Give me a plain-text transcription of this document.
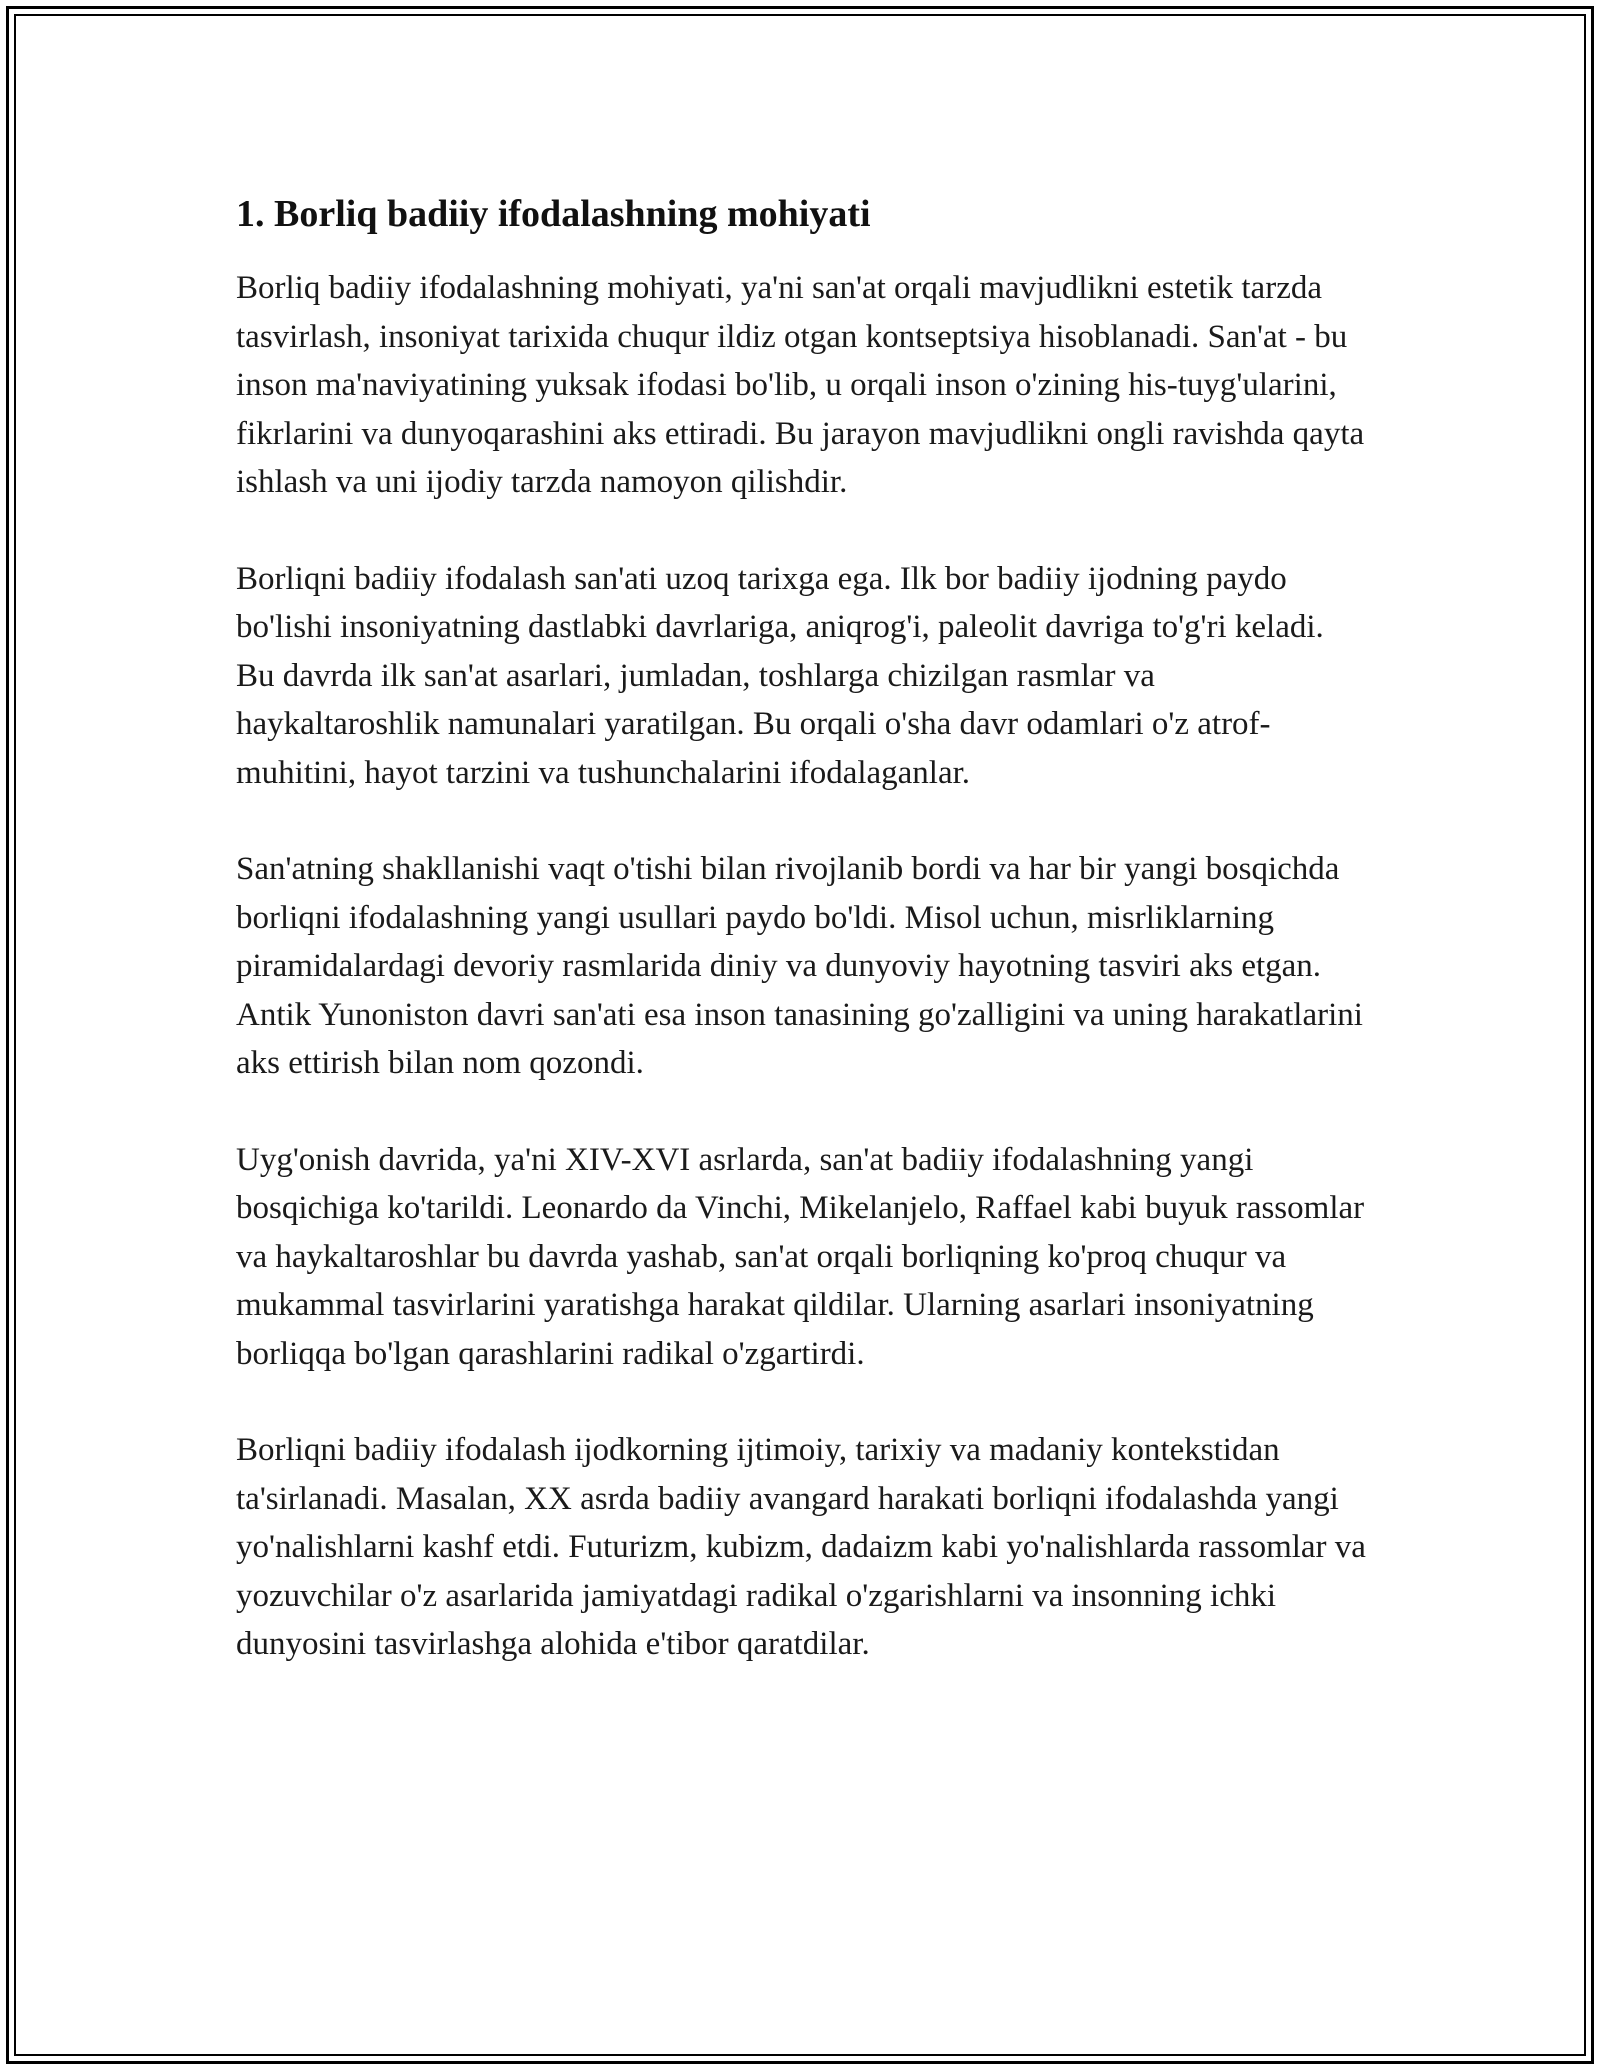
1. Borliq badiiy ifodalashning mohiyati

Borliq badiiy ifodalashning mohiyati, ya'ni san'at orqali mavjudlikni estetik tarzda tasvirlash, insoniyat tarixida chuqur ildiz otgan kontseptsiya hisoblanadi. San'at - bu inson ma'naviyatining yuksak ifodasi bo'lib, u orqali inson o'zining his-tuyg'ularini, fikrlarini va dunyoqarashini aks ettiradi. Bu jarayon mavjudlikni ongli ravishda qayta ishlash va uni ijodiy tarzda namoyon qilishdir.

Borliqni badiiy ifodalash san'ati uzoq tarixga ega. Ilk bor badiiy ijodning paydo bo'lishi insoniyatning dastlabki davrlariga, aniqrog'i, paleolit davriga to'g'ri keladi. Bu davrda ilk san'at asarlari, jumladan, toshlarga chizilgan rasmlar va haykaltaroshlik namunalari yaratilgan. Bu orqali o'sha davr odamlari o'z atrof-muhitini, hayot tarzini va tushunchalarini ifodalaganlar.

San'atning shakllanishi vaqt o'tishi bilan rivojlanib bordi va har bir yangi bosqichda borliqni ifodalashning yangi usullari paydo bo'ldi. Misol uchun, misrliklarning piramidalardagi devoriy rasmlarida diniy va dunyoviy hayotning tasviri aks etgan. Antik Yunoniston davri san'ati esa inson tanasining go'zalligini va uning harakatlarini aks ettirish bilan nom qozondi.

Uyg'onish davrida, ya'ni XIV-XVI asrlarda, san'at badiiy ifodalashning yangi bosqichiga ko'tarildi. Leonardo da Vinchi, Mikelanjelo, Raffael kabi buyuk rassomlar va haykaltaroshlar bu davrda yashab, san'at orqali borliqning ko'proq chuqur va mukammal tasvirlarini yaratishga harakat qildilar. Ularning asarlari insoniyatning borliqqa bo'lgan qarashlarini radikal o'zgartirdi.

Borliqni badiiy ifodalash ijodkorning ijtimoiy, tarixiy va madaniy kontekstidan ta'sirlanadi. Masalan, XX asrda badiiy avangard harakati borliqni ifodalashda yangi yo'nalishlarni kashf etdi. Futurizm, kubizm, dadaizm kabi yo'nalishlarda rassomlar va yozuvchilar o'z asarlarida jamiyatdagi radikal o'zgarishlarni va insonning ichki dunyosini tasvirlashga alohida e'tibor qaratdilar.
